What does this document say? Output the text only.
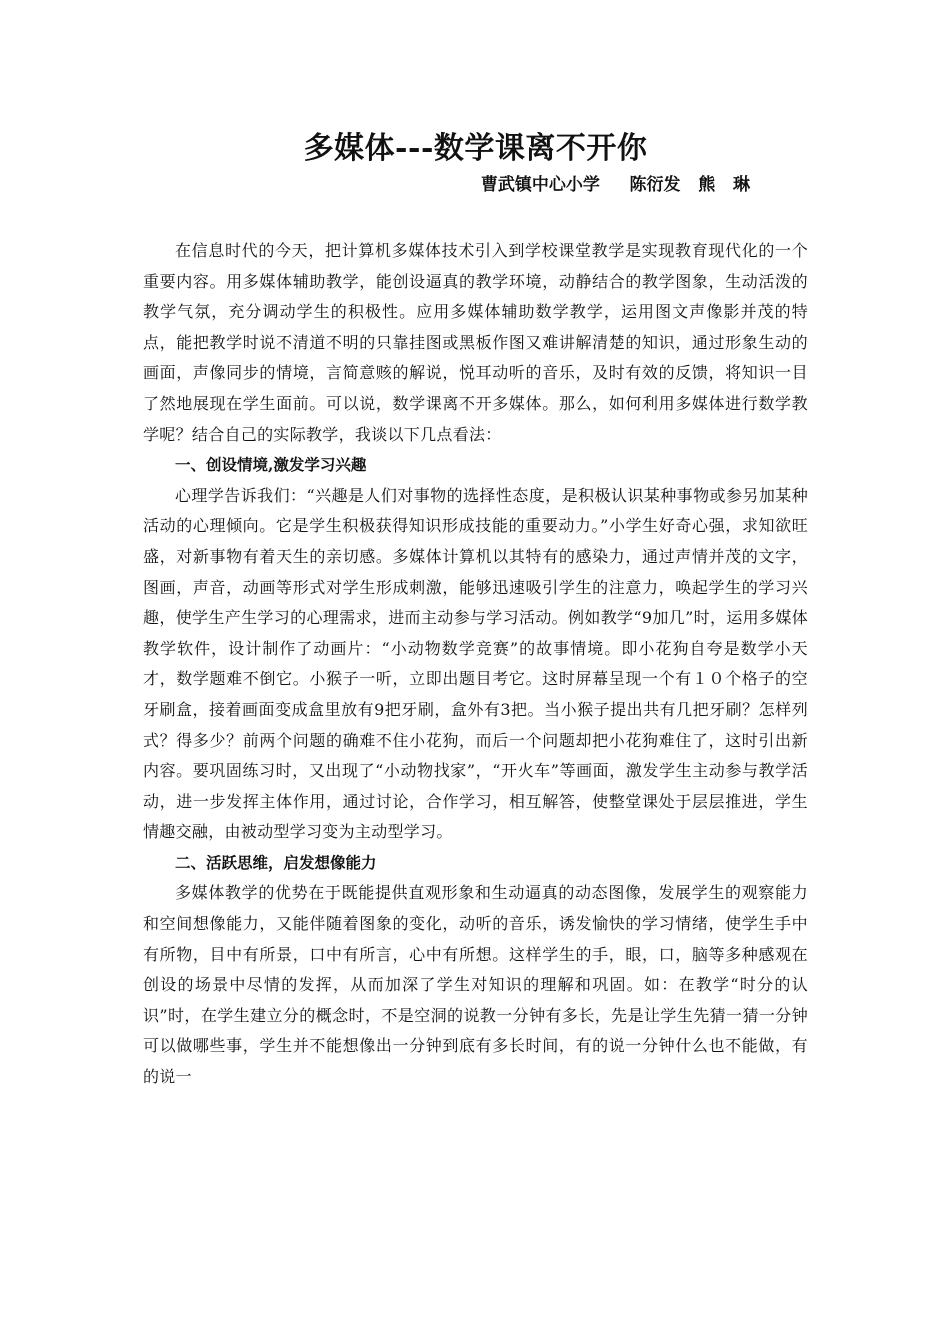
多媒体---数学课离不开你
曹武镇中心小学     陈衍发   熊   琳

在信息时代的今天，把计算机多媒体技术引入到学校课堂教学是实现教育现代化的一个重要内容。用多媒体辅助教学，能创设逼真的教学环境，动静结合的教学图象，生动活泼的教学气氛，充分调动学生的积极性。应用多媒体辅助数学教学，运用图文声像影并茂的特点，能把教学时说不清道不明的只靠挂图或黑板作图又难讲解清楚的知识，通过形象生动的画面，声像同步的情境，言简意赅的解说，悦耳动听的音乐，及时有效的反馈，将知识一目了然地展现在学生面前。可以说，数学课离不开多媒体。那么，如何利用多媒体进行数学教学呢？结合自己的实际教学，我谈以下几点看法：

一、创设情境,激发学习兴趣

心理学告诉我们：“兴趣是人们对事物的选择性态度，是积极认识某种事物或参另加某种活动的心理倾向。它是学生积极获得知识形成技能的重要动力。”小学生好奇心强，求知欲旺盛，对新事物有着天生的亲切感。多媒体计算机以其特有的感染力，通过声情并茂的文字，图画，声音，动画等形式对学生形成刺激，能够迅速吸引学生的注意力，唤起学生的学习兴趣，使学生产生学习的心理需求，进而主动参与学习活动。例如教学“9加几”时，运用多媒体教学软件，设计制作了动画片：“小动物数学竞赛”的故事情境。即小花狗自夸是数学小天才，数学题难不倒它。小猴子一听，立即出题目考它。这时屏幕呈现一个有１０个格子的空牙刷盒，接着画面变成盒里放有9把牙刷，盒外有3把。当小猴子提出共有几把牙刷？怎样列式？得多少？前两个问题的确难不住小花狗，而后一个问题却把小花狗难住了，这时引出新内容。要巩固练习时，又出现了“小动物找家”，“开火车”等画面，激发学生主动参与教学活动，进一步发挥主体作用，通过讨论，合作学习，相互解答，使整堂课处于层层推进，学生情趣交融，由被动型学习变为主动型学习。

二、活跃思维，启发想像能力

多媒体教学的优势在于既能提供直观形象和生动逼真的动态图像，发展学生的观察能力和空间想像能力，又能伴随着图象的变化，动听的音乐，诱发愉快的学习情绪，使学生手中有所物，目中有所景，口中有所言，心中有所想。这样学生的手，眼，口，脑等多种感观在创设的场景中尽情的发挥，从而加深了学生对知识的理解和巩固。如：在教学“时分的认识”时，在学生建立分的概念时，不是空洞的说教一分钟有多长，先是让学生先猜一猜一分钟可以做哪些事，学生并不能想像出一分钟到底有多长时间，有的说一分钟什么也不能做，有的说一
